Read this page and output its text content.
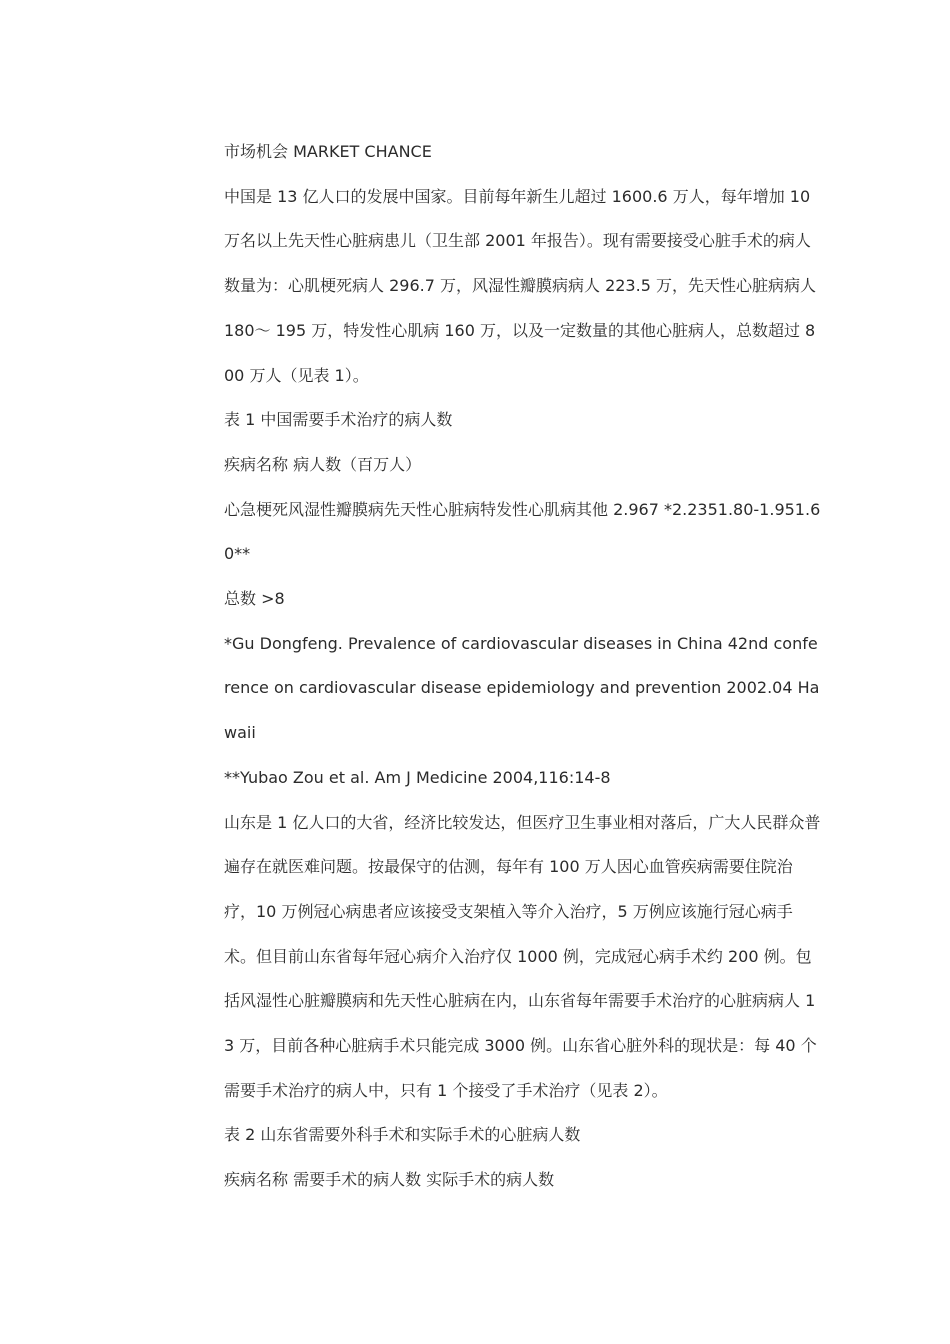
市场机会 MARKET CHANCE

中国是 13 亿人口的发展中国家。目前每年新生儿超过 1600.6 万人，每年增加 10 万名以上先天性心脏病患儿（卫生部 2001 年报告）。现有需要接受心脏手术的病人数量为：心肌梗死病人 296.7 万，风湿性瓣膜病病人 223.5 万，先天性心脏病病人 180～ 195 万，特发性心肌病 160 万，以及一定数量的其他心脏病人，总数超过 800 万人（见表 1）。

表 1 中国需要手术治疗的病人数

疾病名称 病人数（百万人）

心急梗死风湿性瓣膜病先天性心脏病特发性心肌病其他 2.967 *2.2351.80-1.951.60**

总数 >8

*Gu Dongfeng. Prevalence of cardiovascular diseases in China 42nd conference on cardiovascular disease epidemiology and prevention 2002.04 Hawaii

**Yubao Zou et al. Am J Medicine 2004,116:14-8

山东是 1 亿人口的大省，经济比较发达，但医疗卫生事业相对落后，广大人民群众普遍存在就医难问题。按最保守的估测，每年有 100 万人因心血管疾病需要住院治疗，10 万例冠心病患者应该接受支架植入等介入治疗，5 万例应该施行冠心病手术。但目前山东省每年冠心病介入治疗仅 1000 例，完成冠心病手术约 200 例。包括风湿性心脏瓣膜病和先天性心脏病在内，山东省每年需要手术治疗的心脏病病人 13 万，目前各种心脏病手术只能完成 3000 例。山东省心脏外科的现状是：每 40 个需要手术治疗的病人中，只有 1 个接受了手术治疗（见表 2）。

表 2 山东省需要外科手术和实际手术的心脏病人数

疾病名称 需要手术的病人数 实际手术的病人数
